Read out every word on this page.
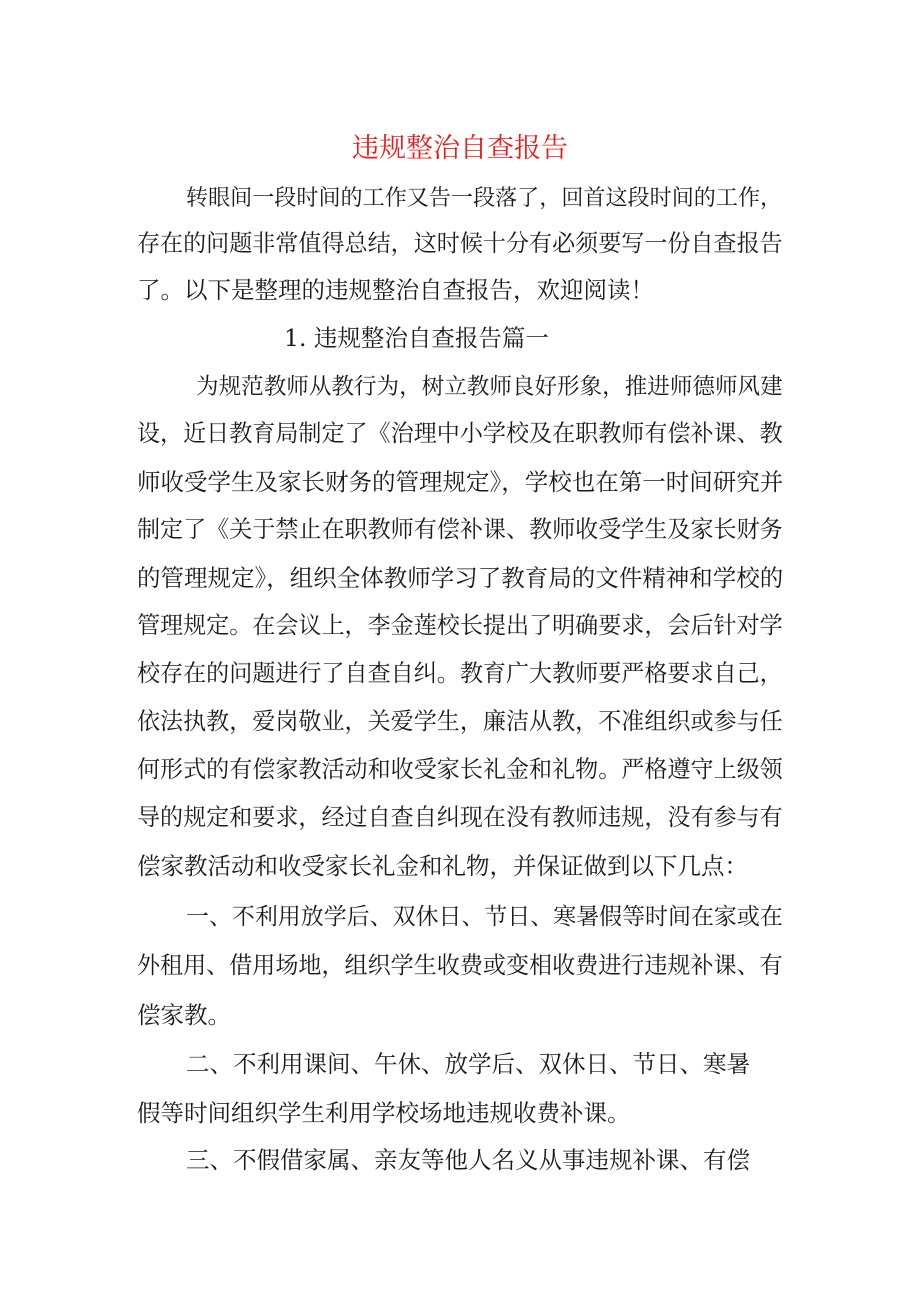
违规整治自查报告
转眼间一段时间的工作又告一段落了，回首这段时间的工作，
存在的问题非常值得总结，这时候十分有必须要写一份自查报告
了。以下是整理的违规整治自查报告，欢迎阅读！
1. 违规整治自查报告篇一
为规范教师从教行为，树立教师良好形象，推进师德师风建
设，近日教育局制定了《治理中小学校及在职教师有偿补课、教
师收受学生及家长财务的管理规定》，学校也在第一时间研究并
制定了《关于禁止在职教师有偿补课、教师收受学生及家长财务
的管理规定》，组织全体教师学习了教育局的文件精神和学校的
管理规定。在会议上，李金莲校长提出了明确要求，会后针对学
校存在的问题进行了自查自纠。教育广大教师要严格要求自己，
依法执教，爱岗敬业，关爱学生，廉洁从教，不准组织或参与任
何形式的有偿家教活动和收受家长礼金和礼物。严格遵守上级领
导的规定和要求，经过自查自纠现在没有教师违规，没有参与有
偿家教活动和收受家长礼金和礼物，并保证做到以下几点：
一、不利用放学后、双休日、节日、寒暑假等时间在家或在
外租用、借用场地，组织学生收费或变相收费进行违规补课、有
偿家教。
二、不利用课间、午休、放学后、双休日、节日、寒暑
假等时间组织学生利用学校场地违规收费补课。
三、不假借家属、亲友等他人名义从事违规补课、有偿
